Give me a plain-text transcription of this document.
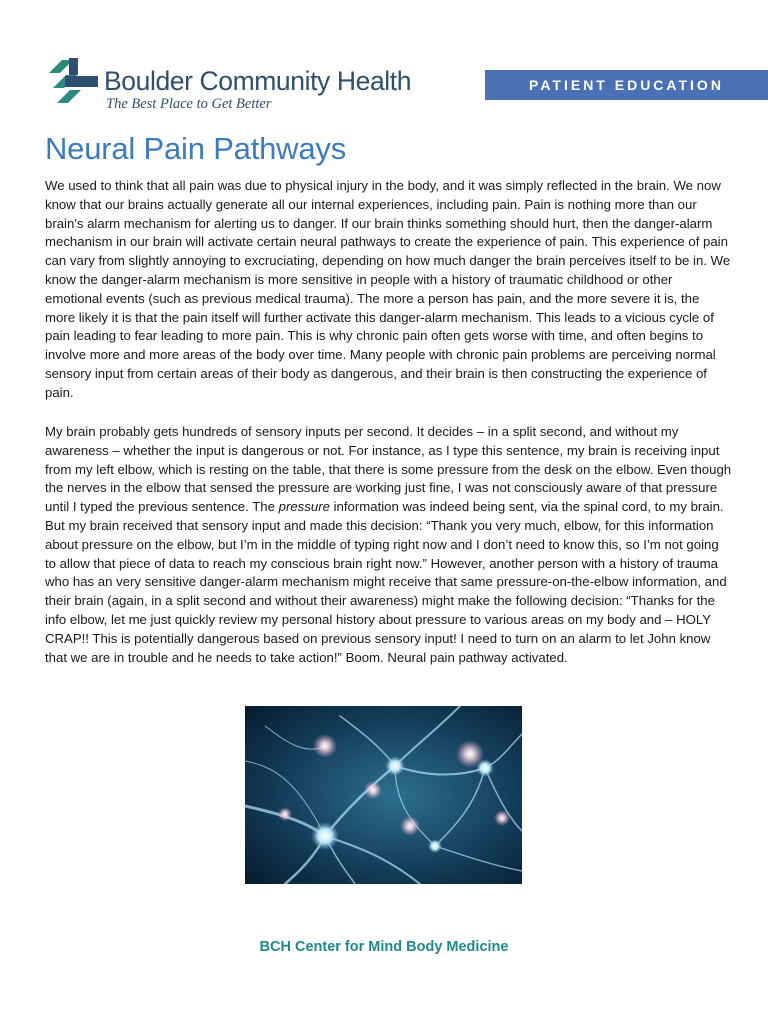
Boulder Community Health
The Best Place to Get Better
PATIENT EDUCATION
Neural Pain Pathways

We used to think that all pain was due to physical injury in the body, and it was simply reflected in the brain. We now know that our brains actually generate all our internal experiences, including pain. Pain is nothing more than our brain's alarm mechanism for alerting us to danger. If our brain thinks something should hurt, then the danger-alarm mechanism in our brain will activate certain neural pathways to create the experience of pain. This experience of pain can vary from slightly annoying to excruciating, depending on how much danger the brain perceives itself to be in. We know the danger-alarm mechanism is more sensitive in people with a history of traumatic childhood or other emotional events (such as previous medical trauma). The more a person has pain, and the more severe it is, the more likely it is that the pain itself will further activate this danger-alarm mechanism. This leads to a vicious cycle of pain leading to fear leading to more pain. This is why chronic pain often gets worse with time, and often begins to involve more and more areas of the body over time. Many people with chronic pain problems are perceiving normal sensory input from certain areas of their body as dangerous, and their brain is then constructing the experience of pain.

My brain probably gets hundreds of sensory inputs per second. It decides – in a split second, and without my awareness – whether the input is dangerous or not. For instance, as I type this sentence, my brain is receiving input from my left elbow, which is resting on the table, that there is some pressure from the desk on the elbow. Even though the nerves in the elbow that sensed the pressure are working just fine, I was not consciously aware of that pressure until I typed the previous sentence. The pressure information was indeed being sent, via the spinal cord, to my brain. But my brain received that sensory input and made this decision: “Thank you very much, elbow, for this information about pressure on the elbow, but I’m in the middle of typing right now and I don’t need to know this, so I’m not going to allow that piece of data to reach my conscious brain right now.” However, another person with a history of trauma who has an very sensitive danger-alarm mechanism might receive that same pressure-on-the-elbow information, and their brain (again, in a split second and without their awareness) might make the following decision: “Thanks for the info elbow, let me just quickly review my personal history about pressure to various areas on my body and – HOLY CRAP!! This is potentially dangerous based on previous sensory input! I need to turn on an alarm to let John know that we are in trouble and he needs to take action!” Boom. Neural pain pathway activated.

BCH Center for Mind Body Medicine
